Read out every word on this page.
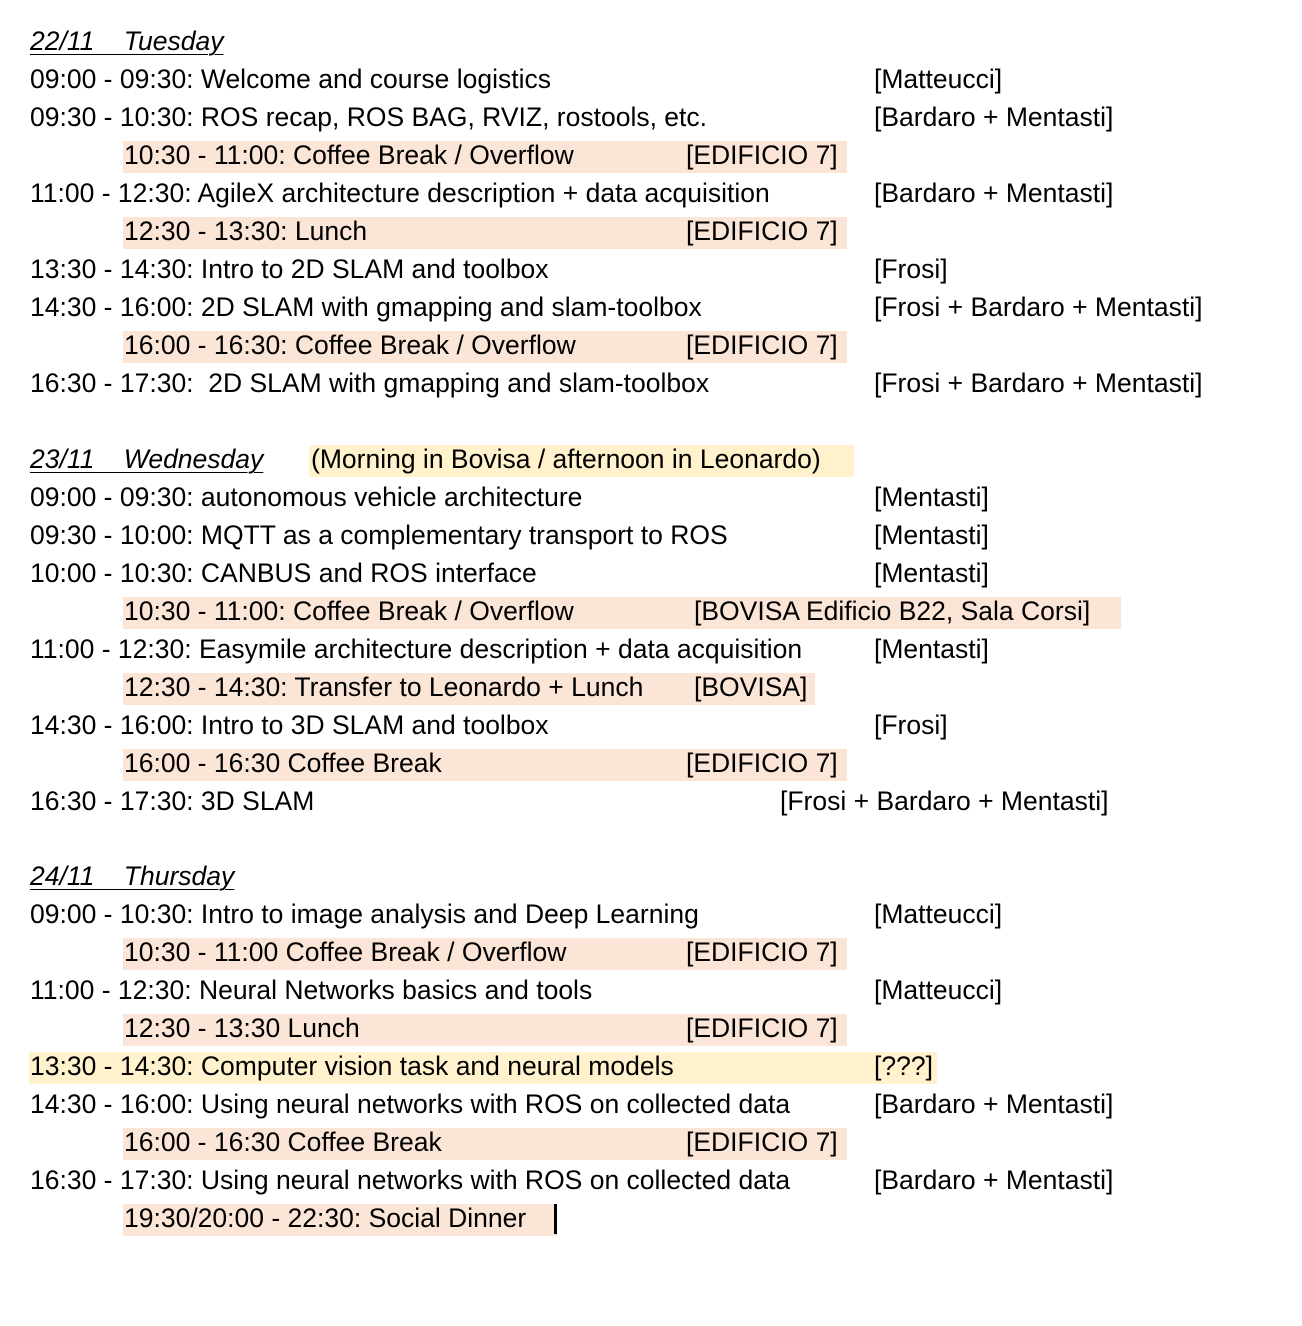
22/11    Tuesday
09:00 - 09:30: Welcome and course logistics	[Matteucci]
09:30 - 10:30: ROS recap, ROS BAG, RVIZ, rostools, etc.	[Bardaro + Mentasti]
10:30 - 11:00: Coffee Break / Overflow	[EDIFICIO 7]
11:00 - 12:30: AgileX architecture description + data acquisition	[Bardaro + Mentasti]
12:30 - 13:30: Lunch	[EDIFICIO 7]
13:30 - 14:30: Intro to 2D SLAM and toolbox	[Frosi]
14:30 - 16:00: 2D SLAM with gmapping and slam-toolbox	[Frosi + Bardaro + Mentasti]
16:00 - 16:30: Coffee Break / Overflow	[EDIFICIO 7]
16:30 - 17:30:  2D SLAM with gmapping and slam-toolbox	[Frosi + Bardaro + Mentasti]
23/11    Wednesday (Morning in Bovisa / afternoon in Leonardo)
09:00 - 09:30: autonomous vehicle architecture	[Mentasti]
09:30 - 10:00: MQTT as a complementary transport to ROS	[Mentasti]
10:00 - 10:30: CANBUS and ROS interface	[Mentasti]
10:30 - 11:00: Coffee Break / Overflow	[BOVISA Edificio B22, Sala Corsi]
11:00 - 12:30: Easymile architecture description + data acquisition	[Mentasti]
12:30 - 14:30: Transfer to Leonardo + Lunch [BOVISA]
14:30 - 16:00: Intro to 3D SLAM and toolbox	[Frosi]
16:00 - 16:30 Coffee Break	[EDIFICIO 7]
16:30 - 17:30: 3D SLAM	[Frosi + Bardaro + Mentasti]
24/11    Thursday
09:00 - 10:30: Intro to image analysis and Deep Learning	[Matteucci]
10:30 - 11:00 Coffee Break / Overflow	[EDIFICIO 7]
11:00 - 12:30: Neural Networks basics and tools	[Matteucci]
12:30 - 13:30 Lunch	[EDIFICIO 7]
13:30 - 14:30: Computer vision task and neural models	[???]
14:30 - 16:00: Using neural networks with ROS on collected data	[Bardaro + Mentasti]
16:00 - 16:30 Coffee Break	[EDIFICIO 7]
16:30 - 17:30: Using neural networks with ROS on collected data	[Bardaro + Mentasti]
19:30/20:00 - 22:30: Social Dinner
